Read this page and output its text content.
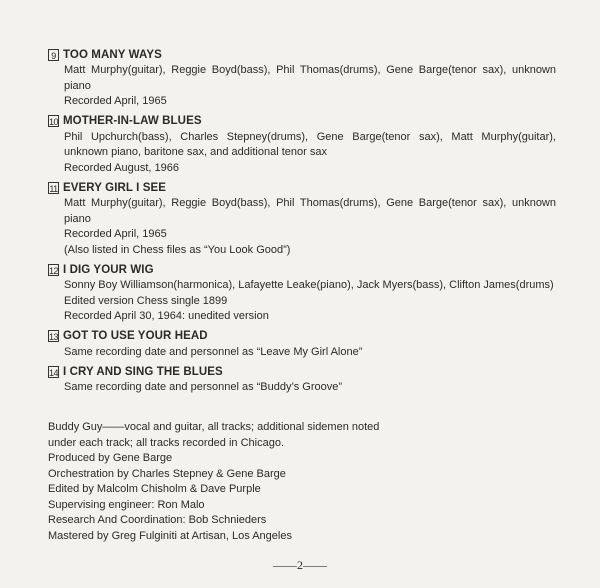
9 TOO MANY WAYS
Matt Murphy(guitar), Reggie Boyd(bass), Phil Thomas(drums), Gene Barge(tenor sax), unknown piano
Recorded April, 1965
10 MOTHER-IN-LAW BLUES
Phil Upchurch(bass), Charles Stepney(drums), Gene Barge(tenor sax), Matt Murphy(guitar), unknown piano, baritone sax, and additional tenor sax
Recorded August, 1966
11 EVERY GIRL I SEE
Matt Murphy(guitar), Reggie Boyd(bass), Phil Thomas(drums), Gene Barge(tenor sax), unknown piano
Recorded April, 1965
(Also listed in Chess files as “You Look Good”)
12 I DIG YOUR WIG
Sonny Boy Williamson(harmonica), Lafayette Leake(piano), Jack Myers(bass), Clifton James(drums)
Edited version Chess single 1899
Recorded April 30, 1964: unedited version
13 GOT TO USE YOUR HEAD
Same recording date and personnel as “Leave My Girl Alone”
14 I CRY AND SING THE BLUES
Same recording date and personnel as “Buddy’s Groove”
Buddy Guy——vocal and guitar, all tracks; additional sidemen noted under each track; all tracks recorded in Chicago.
Produced by Gene Barge
Orchestration by Charles Stepney & Gene Barge
Edited by Malcolm Chisholm & Dave Purple
Supervising engineer: Ron Malo
Research And Coordination: Bob Schnieders
Mastered by Greg Fulginiti at Artisan, Los Angeles
——2——
